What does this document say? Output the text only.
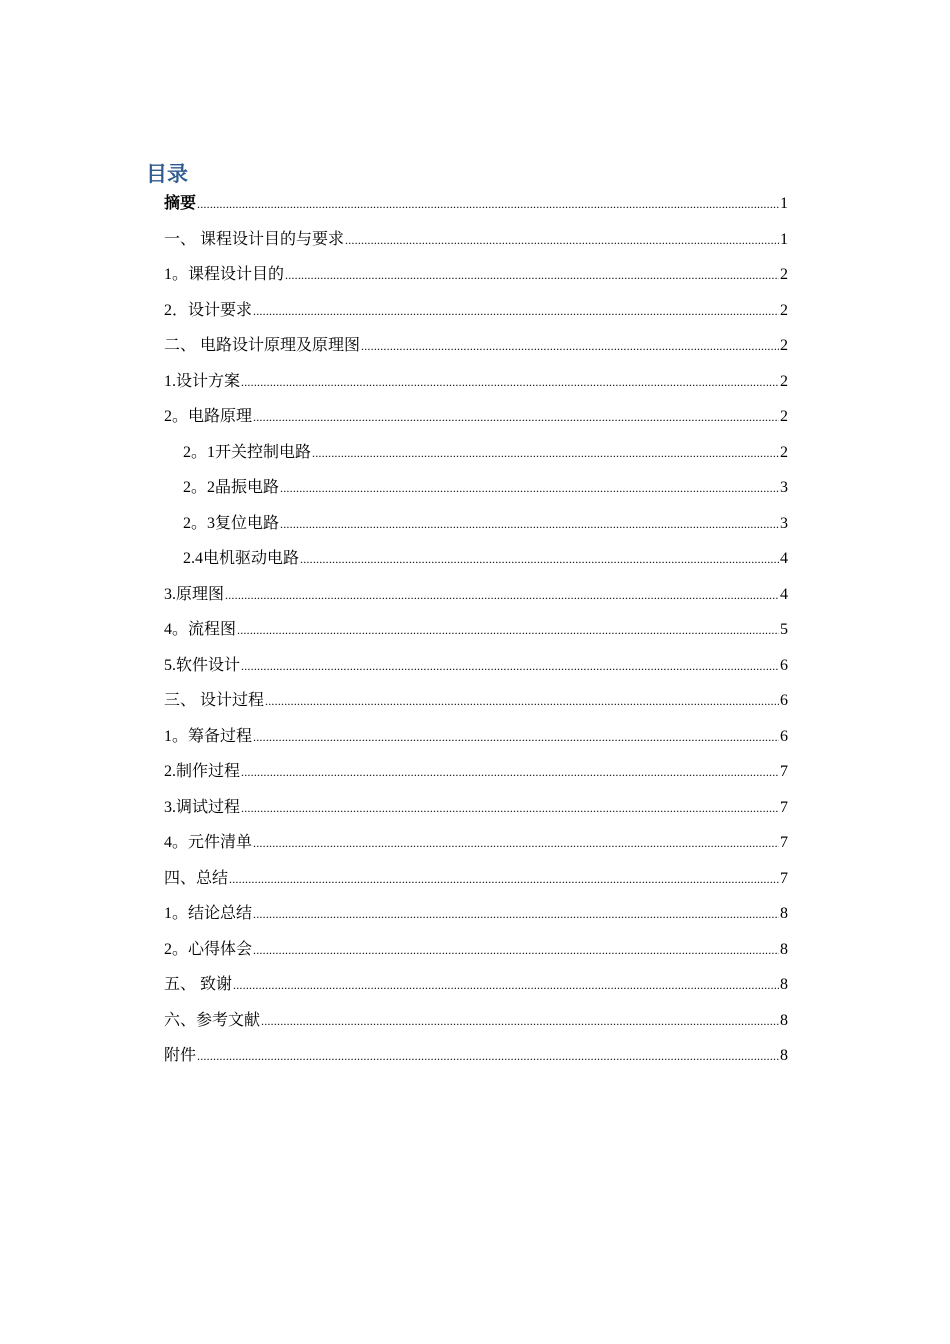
目录
摘要 .....	1
一、 课程设计目的与要求 .....	1
1。课程设计目的 .....	2
2．设计要求 .....	2
二、 电路设计原理及原理图 .....	2
1.设计方案 .....	2
2。电路原理 .....	2
2。1开关控制电路 .....	2
2。2晶振电路 .....	3
2。3复位电路 .....	3
2.4电机驱动电路 .....	4
3.原理图 .....	4
4。流程图 .....	5
5.软件设计 .....	6
三、 设计过程 .....	6
1。筹备过程 .....	6
2.制作过程 .....	7
3.调试过程 .....	7
4。元件清单 .....	7
四、总结 .....	7
1。结论总结 .....	8
2。心得体会 .....	8
五、 致谢 .....	8
六、参考文献 .....	8
附件 .....	8
